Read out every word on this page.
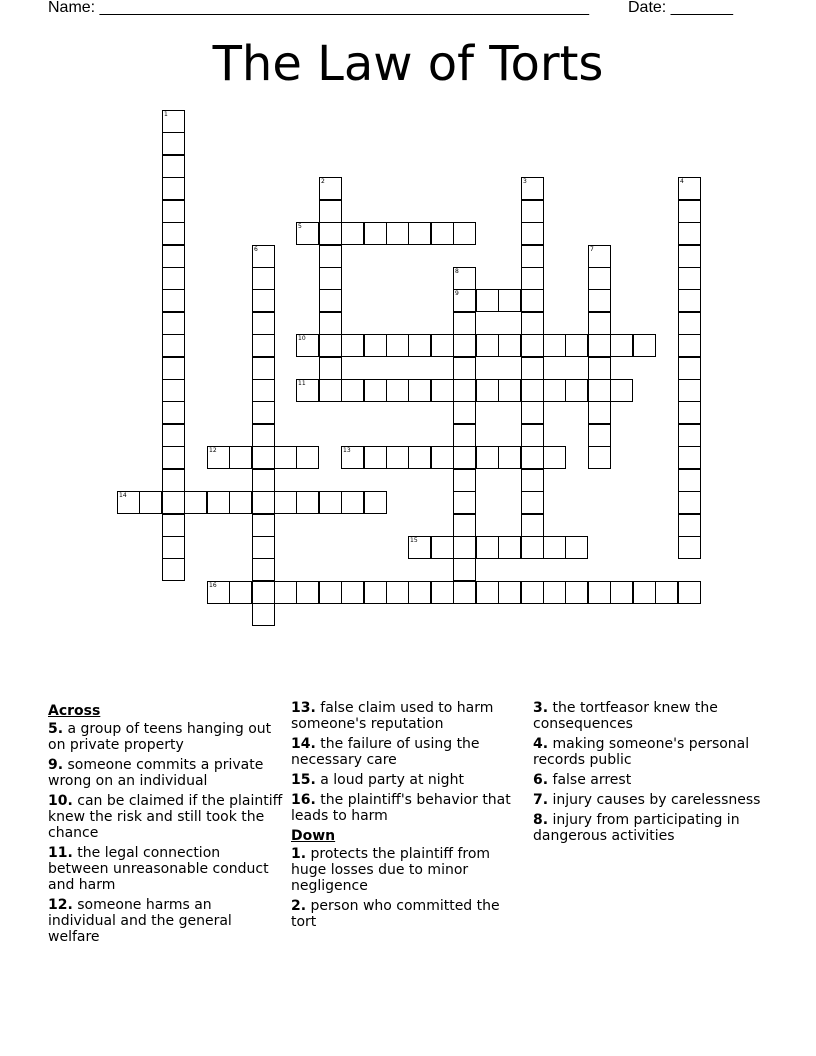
Name: _______________________________________________________ Date: _______
The Law of Torts
5
9
10
11
12	13
14
15
16
1
2	3	4
6	7
8
Across
5. a group of teens hanging out on private property
9. someone commits a private wrong on an individual
10. can be claimed if the plaintiff knew the risk and still took the chance
11. the legal connection between unreasonable conduct and harm
12. someone harms an individual and the general welfare
13. false claim used to harm someone's reputation
14. the failure of using the necessary care
15. a loud party at night
16. the plaintiff's behavior that leads to harm
Down
1. protects the plaintiff from huge losses due to minor negligence
2. person who committed the tort
3. the tortfeasor knew the consequences
4. making someone's personal records public
6. false arrest
7. injury causes by carelessness
8. injury from participating in dangerous activities
